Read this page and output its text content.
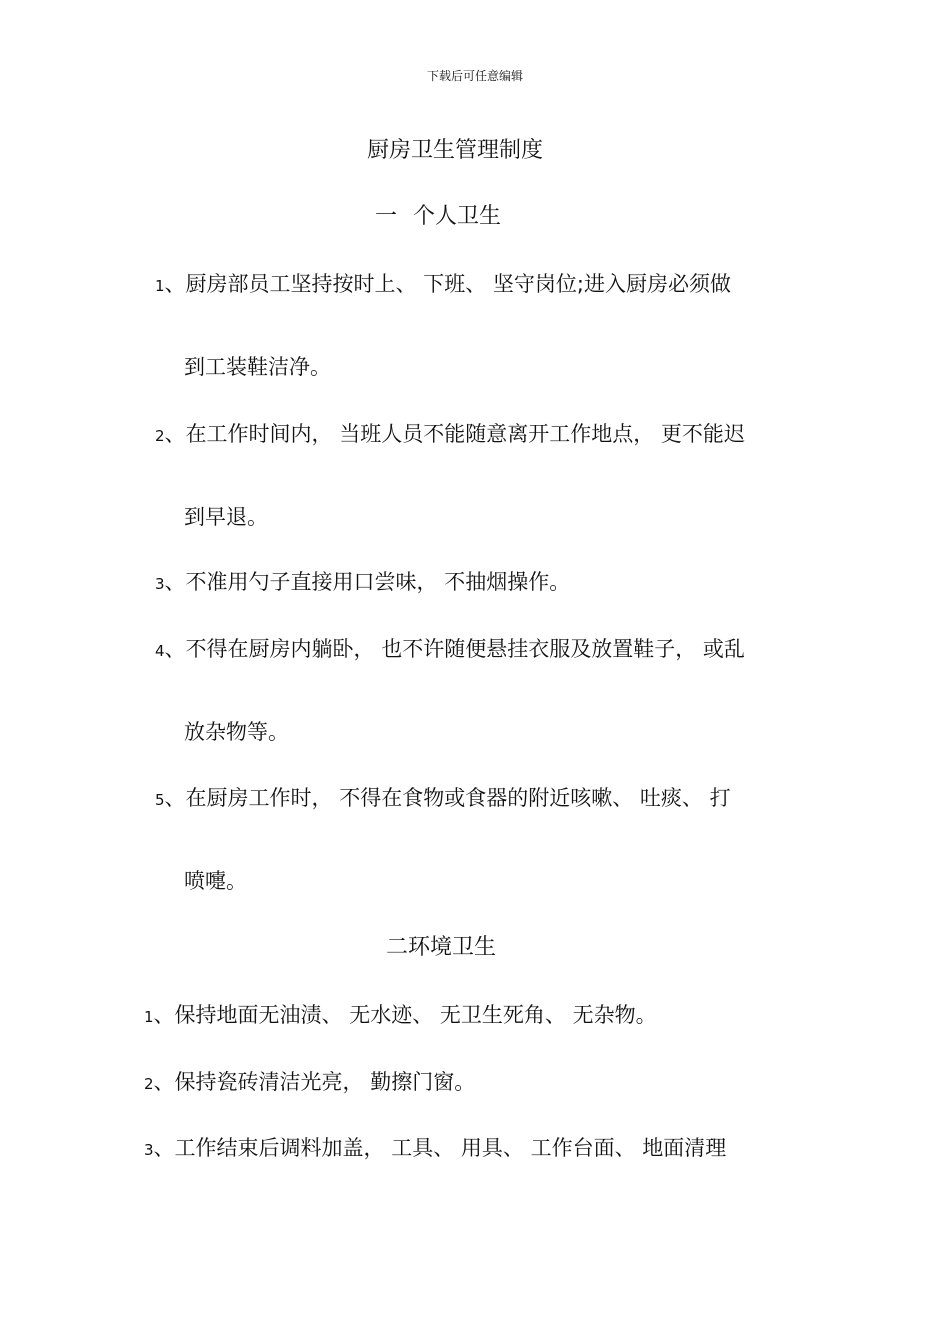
下载后可任意编辑
厨房卫生管理制度
一 个人卫生
1、厨房部员工坚持按时上、 下班、 坚守岗位;进入厨房必须做
到工装鞋洁净。
2、在工作时间内， 当班人员不能随意离开工作地点， 更不能迟
到早退。
3、不准用勺子直接用口尝味， 不抽烟操作。
4、不得在厨房内躺卧， 也不许随便悬挂衣服及放置鞋子， 或乱
放杂物等。
5、在厨房工作时， 不得在食物或食器的附近咳嗽、 吐痰、 打
喷嚏。
二环境卫生
1、保持地面无油渍、 无水迹、 无卫生死角、 无杂物。
2、保持瓷砖清洁光亮， 勤擦门窗。
3、工作结束后调料加盖， 工具、 用具、 工作台面、 地面清理
